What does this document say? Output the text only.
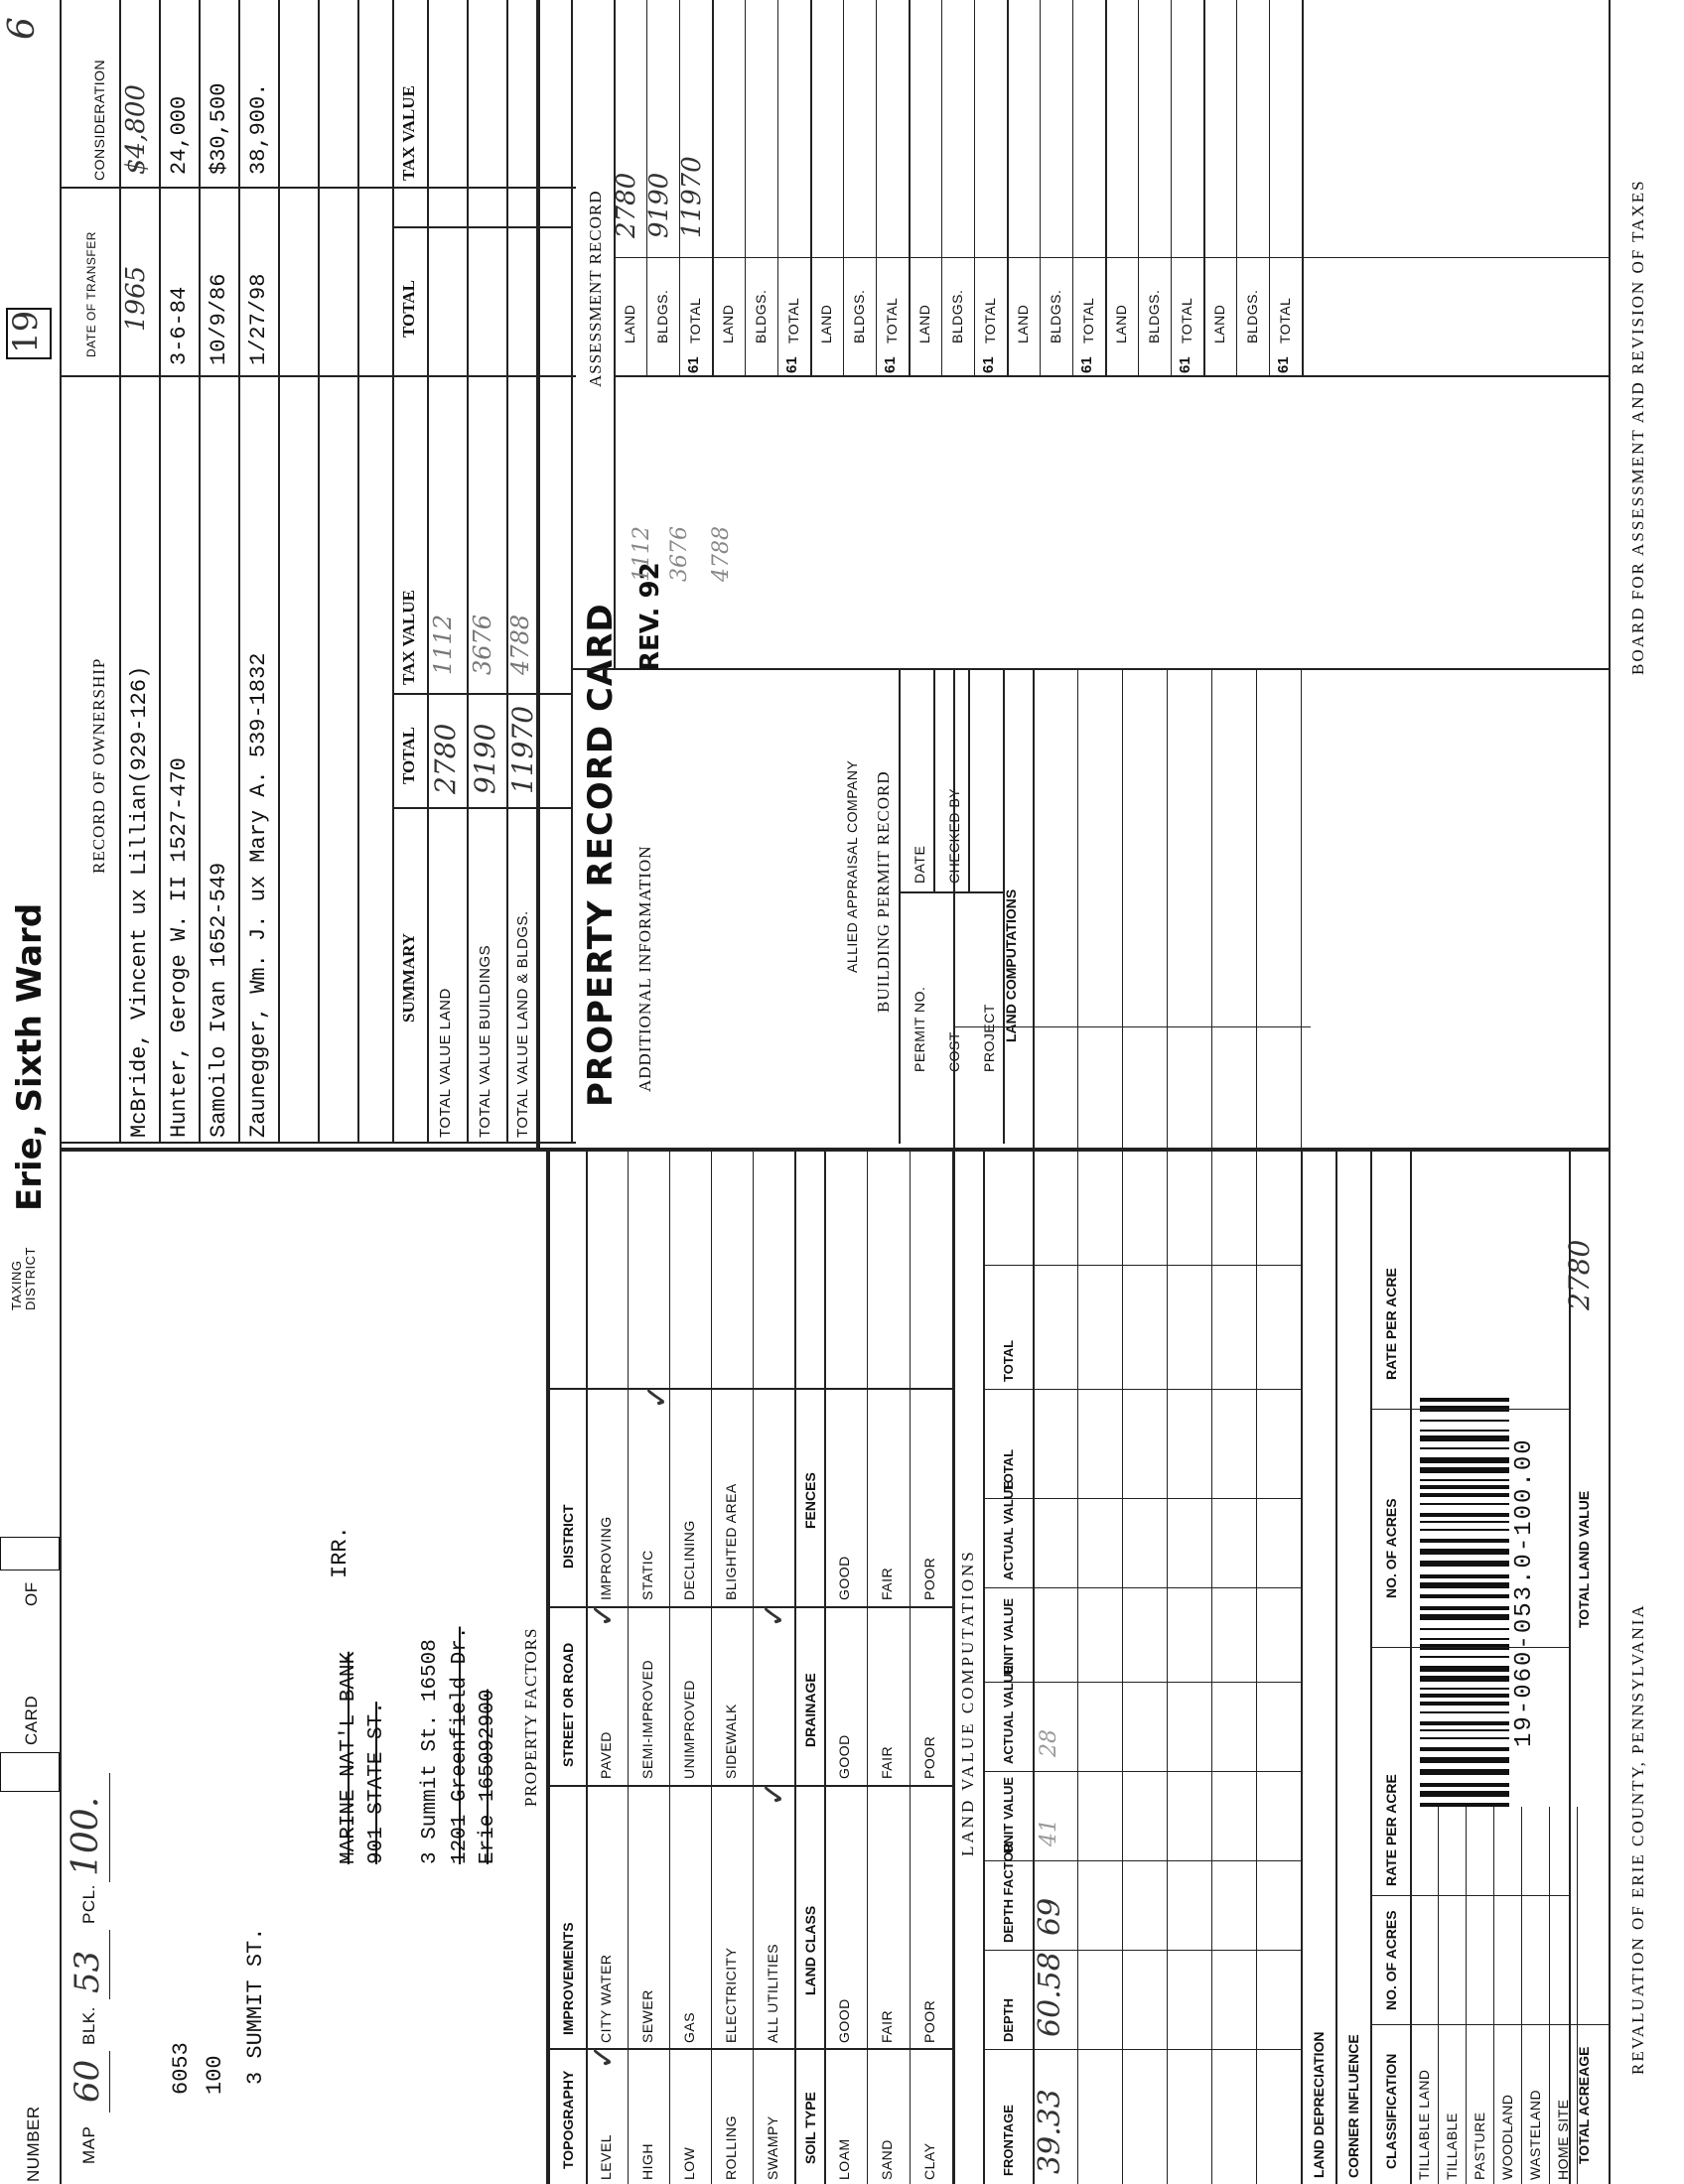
NUMBER
6
MAP
60
BLK.
53
PCL.
100.
CARD
OF
TAXING DISTRICT
Erie, Sixth Ward
19
6053 100 3 SUMMIT ST.
IRR.
MARINE NAT'L BANK 901 STATE ST. 3 Summit St. 16508 1201 Greenfield Dr. Erie 165092900
RECORD OF OWNERSHIP
DATE OF TRANSFER
CONSIDERATION
McBride, Vincent ux Lillian(929-126)
1965
$4,800
Hunter, Geroge W. II 1527-470
3-6-84
24,000
Samoilo Ivan 1652-549
10/9/86
$30,500
Zaunegger, Wm. J. ux Mary A. 539-1832
1/27/98
38,900.
SUMMARY
TOTAL
TAX VALUE
TOTAL
TAX VALUE
TOTAL VALUE LAND
2780
1112
TOTAL VALUE BUILDINGS
9190
3676
TOTAL VALUE LAND & BLDGS.
11970
4788 PROPERTY RECORD CARD ADDITIONAL INFORMATION	ALLIED APPRAISAL COMPANY BUILDING PERMIT RECORD
ASSESSMENT RECORD
REV. 92
1112 3676 4788
PERMIT NO.
DATE
COST
CHECKED BY
PROJECT
PROPERTY FACTORS
TOPOGRAPHY
IMPROVEMENTS
STREET OR ROAD
DISTRICT
SOIL TYPE
LAND CLASS
DRAINAGE
FENCES
✓
✓
✓	✓
✓
LAND VALUE COMPUTATIONS
LAND COMPUTATIONS
39.33
60.58
69
41
28
LAND DEPRECIATION CORNER INFLUENCE CLASSIFICATION
NO. OF ACRES
RATE PER ACRE
NO. OF ACRES
RATE PER ACRE
TOTAL ACREAGE
TOTAL LAND VALUE
2780
19-060-053.0-100.00
REVALUATION OF ERIE COUNTY, PENNSYLVANIA
BOARD FOR ASSESSMENT AND REVISION OF TAXES
LEVEL
CITY WATER
PAVED
IMPROVING
HIGH
SEWER
SEMI-IMPROVED
STATIC
LOW
GAS
UNIMPROVED
DECLINING
ROLLING
ELECTRICITY
SIDEWALK
BLIGHTED AREA
SWAMPY
ALL UTILITIES
LOAM
GOOD
GOOD
GOOD
SAND
FAIR
FAIR
FAIR
CLAY
POOR
POOR
POOR
FRONTAGE
DEPTH
DEPTH FACTOR
UNIT VALUE
ACTUAL VALUE
UNIT VALUE
ACTUAL VALUE
TOTAL
TOTAL
TILLABLE LAND TILLABLE PASTURE WOODLAND WASTELAND HOME SITE
LAND BLDGS. TOTAL
61
LAND BLDGS. TOTAL
61
LAND BLDGS. TOTAL
61
LAND BLDGS. TOTAL
61
LAND BLDGS. TOTAL
61
LAND BLDGS. TOTAL
61
LAND BLDGS. TOTAL
61
2780 9190 11970
